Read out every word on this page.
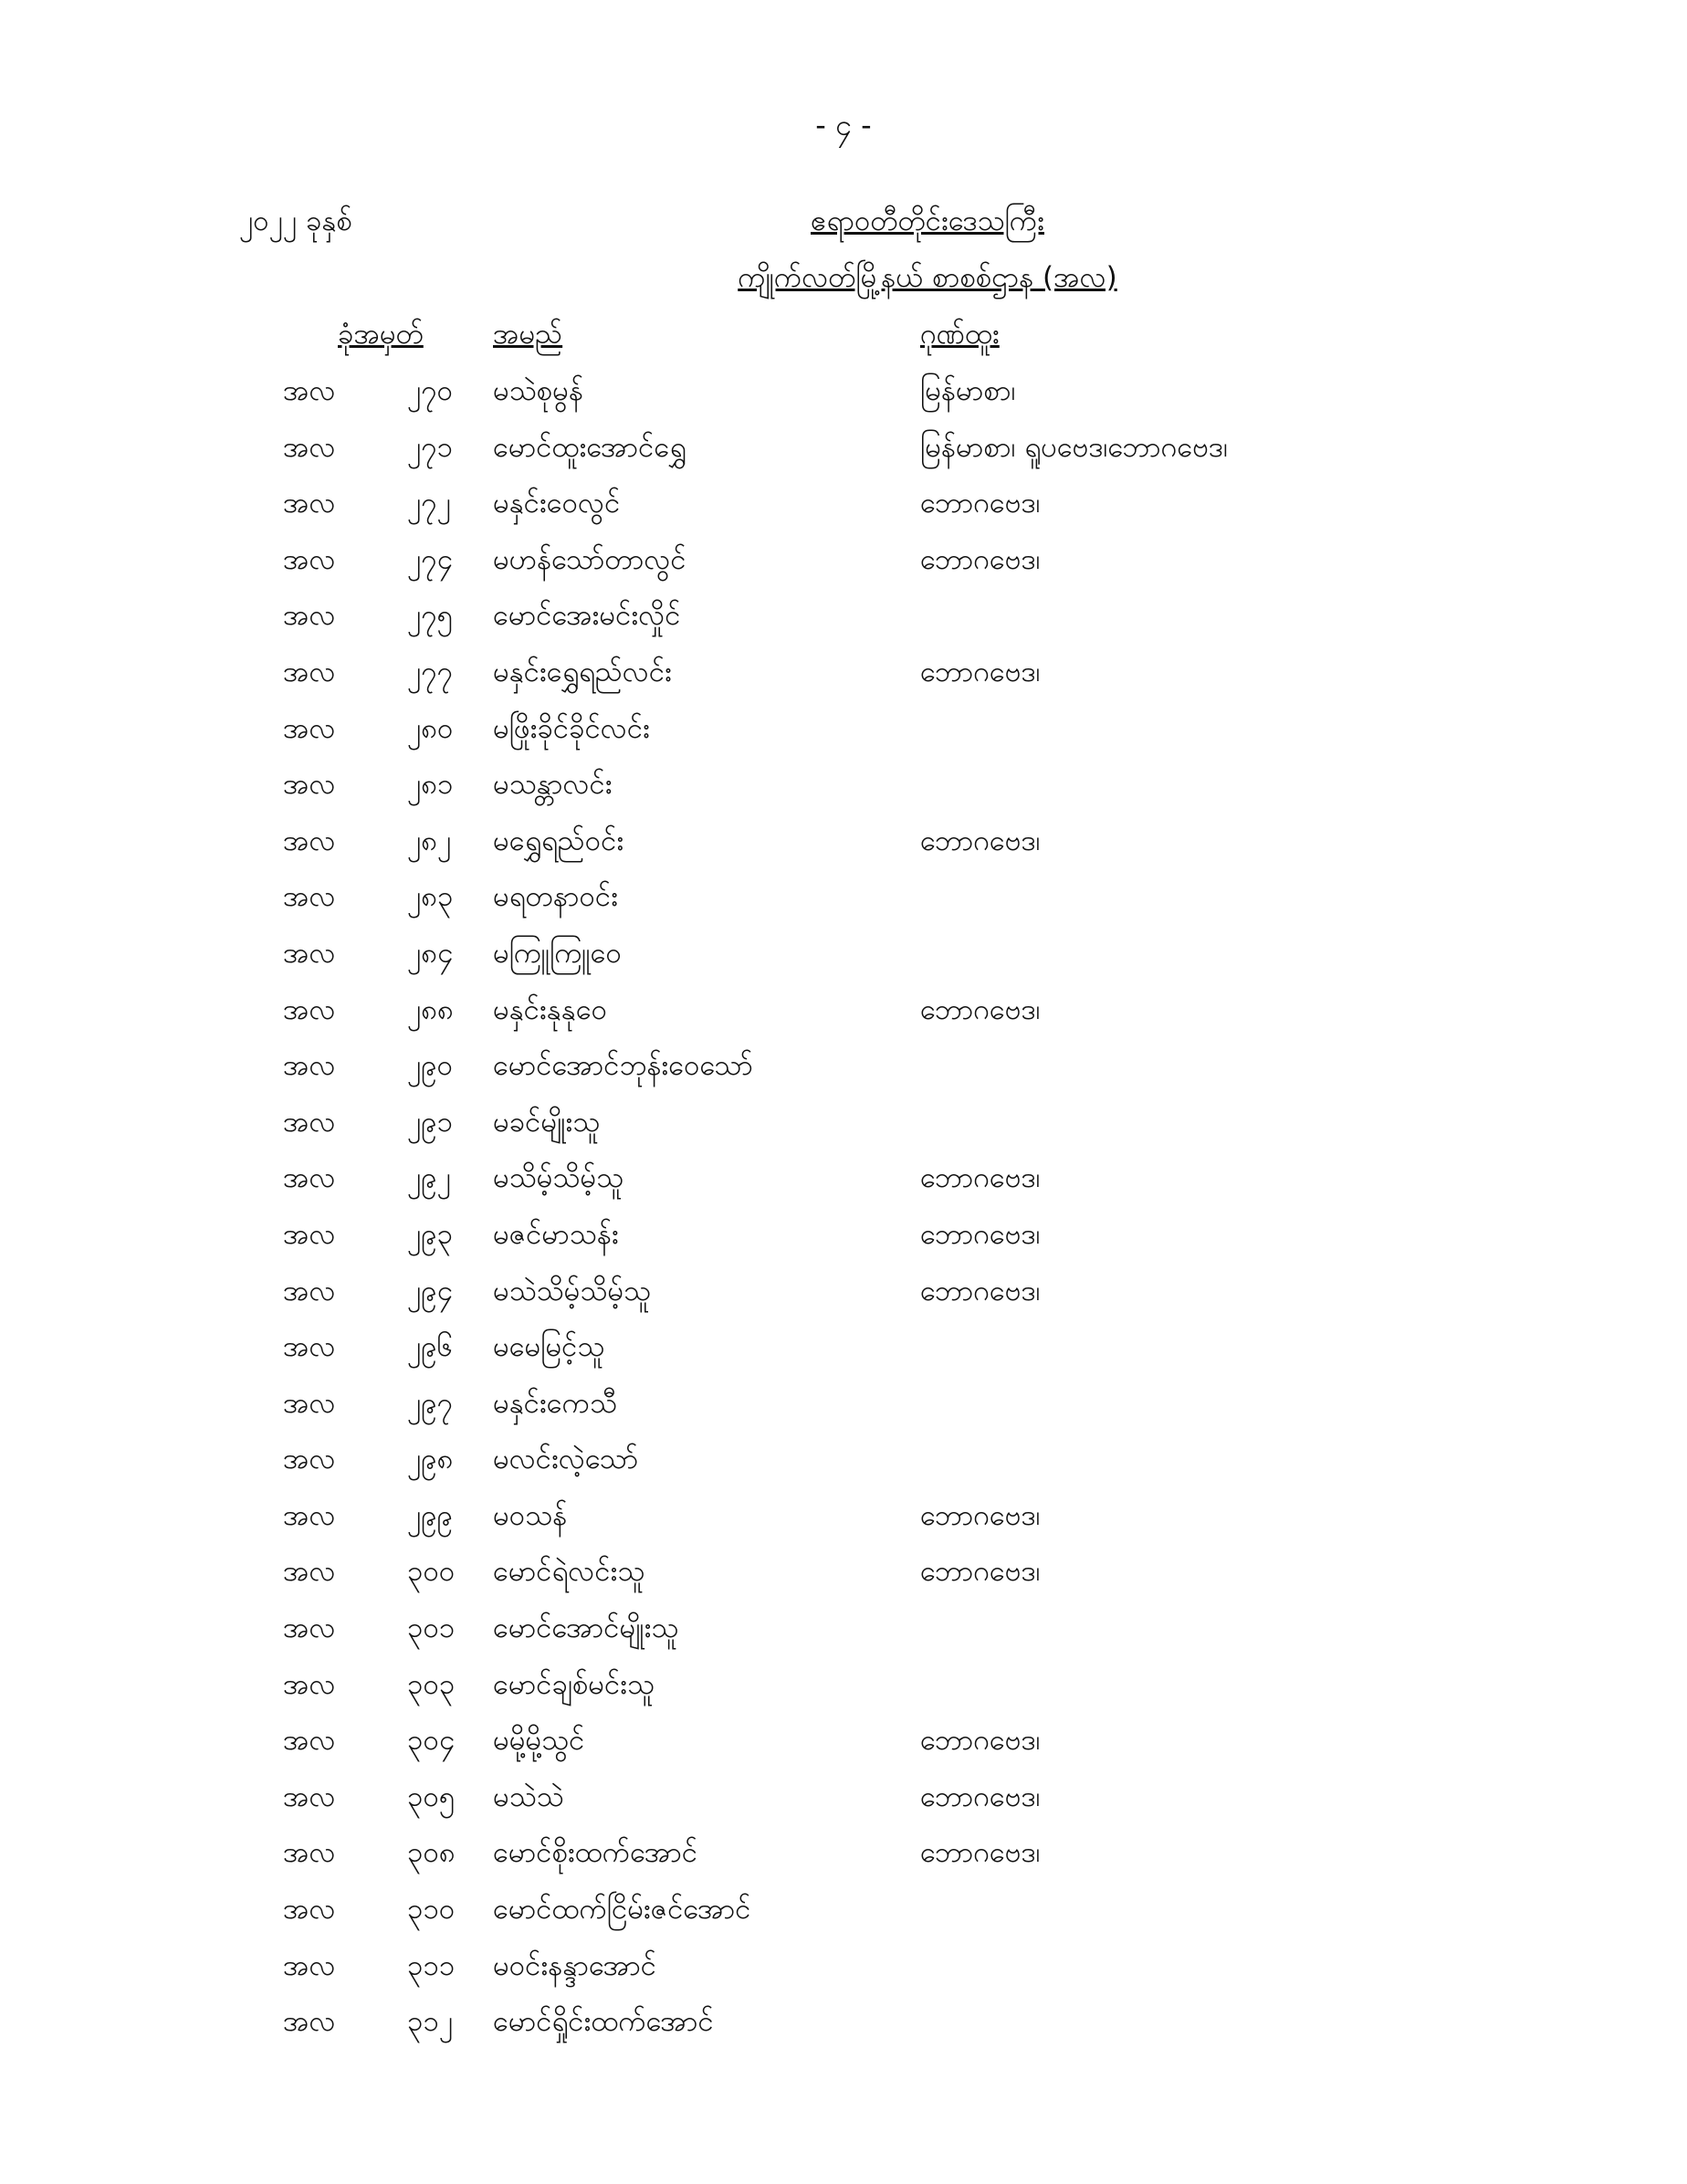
- ၄ -
၂၀၂၂ ခုနှစ်	ဧရာဝတီတိုင်းဒေသကြီး
ကျိုက်လတ်မြို့နယ် စာစစ်ဌာန (အလ)
ခုံအမှတ် အမည်	ဂုဏ်ထူး
အလ	၂၇၀ မသဲစုမွန်	မြန်မာစာ၊
အလ	၂၇၁ မောင်ထူးအောင်ရွှေ	မြန်မာစာ၊ ရူပဗေဒ၊ဘောဂဗေဒ၊
အလ	၂၇၂ မနှင်းဝေလွင်	ဘောဂဗေဒ၊
အလ	၂၇၄ မဟန်သော်တာလွင်	ဘောဂဗေဒ၊
အလ	၂၇၅ မောင်အေးမင်းလှိုင်
အလ	၂၇၇ မနှင်းရွှေရည်လင်း	ဘောဂဗေဒ၊
အလ	၂၈၀ မဖြိုးခိုင်ခိုင်လင်း
အလ	၂၈၁ မသန္တာလင်း
အလ	၂၈၂ မရွှေရည်ဝင်း	ဘောဂဗေဒ၊
အလ	၂၈၃ မရတနာဝင်း
အလ	၂၈၄ မကြူကြူဝေ
အလ	၂၈၈ မနှင်းနုနုဝေ	ဘောဂဗေဒ၊
အလ	၂၉၀ မောင်အောင်ဘုန်းဝေသော်
အလ	၂၉၁ မခင်မျိုးသူ
အလ	၂၉၂ မသိမ့်သိမ့်သူ	ဘောဂဗေဒ၊
အလ	၂၉၃ မဇင်မာသန်း	ဘောဂဗေဒ၊
အလ	၂၉၄ မသဲသိမ့်သိမ့်သူ	ဘောဂဗေဒ၊
အလ	၂၉၆ မမေမြင့်သူ
အလ	၂၉၇ မနှင်းကေသီ
အလ	၂၉၈ မလင်းလဲ့သော်
အလ	၂၉၉ မဝသန်	ဘောဂဗေဒ၊
အလ	၃၀၀ မောင်ရဲလင်းသူ	ဘောဂဗေဒ၊
အလ	၃၀၁ မောင်အောင်မျိုးသူ
အလ	၃၀၃ မောင်ချစ်မင်းသူ
အလ	၃၀၄ မမို့မို့သွင်	ဘောဂဗေဒ၊
အလ	၃၀၅ မသဲသဲ	ဘောဂဗေဒ၊
အလ	၃၀၈ မောင်စိုးထက်အောင်	ဘောဂဗေဒ၊
အလ	၃၁၀ မောင်ထက်ငြိမ်းဇင်အောင်
အလ	၃၁၁ မဝင်းနန္ဒာအောင်
အလ	၃၁၂ မောင်ရှိုင်းထက်အောင်
